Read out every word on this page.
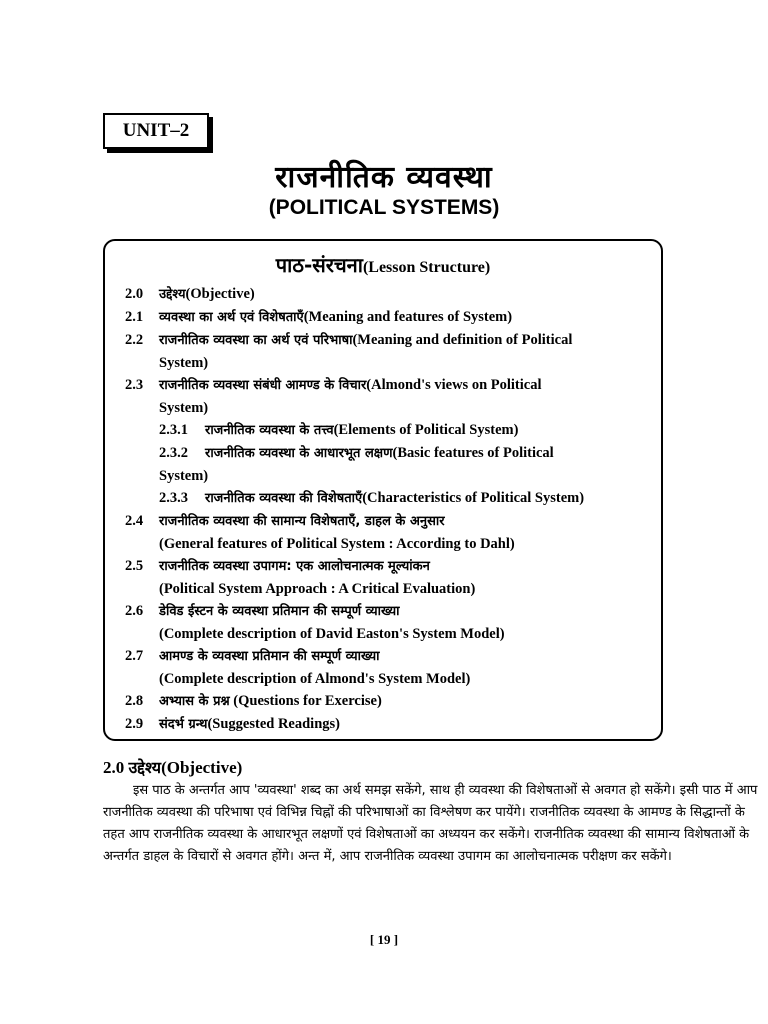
UNIT–2
राजनीतिक व्यवस्था
(POLITICAL SYSTEMS)
पाठ-संरचना(Lesson Structure)
2.0	उद्देश्य(Objective)
2.1	व्यवस्था का अर्थ एवं विशेषताएँ(Meaning and features of System)
2.2	राजनीतिक व्यवस्था का अर्थ एवं परिभाषा(Meaning and definition of Political
System)
2.3	राजनीतिक व्यवस्था संबंधी आमण्ड के विचार(Almond's views on Political
System)
2.3.1	राजनीतिक व्यवस्था के तत्त्व(Elements of Political System)
2.3.2	राजनीतिक व्यवस्था के आधारभूत लक्षण(Basic features of Political
System)
2.3.3	राजनीतिक व्यवस्था की विशेषताएँ(Characteristics of Political System)
2.4	राजनीतिक व्यवस्था की सामान्य विशेषताएँ, डाहल के अनुसार
(General features of Political System : According to Dahl)
2.5	राजनीतिक व्यवस्था उपागम: एक आलोचनात्मक मूल्यांकन
(Political System Approach : A Critical Evaluation)
2.6	डेविड ईस्टन के व्यवस्था प्रतिमान की सम्पूर्ण व्याख्या
(Complete description of David Easton's System Model)
2.7	आमण्ड के व्यवस्था प्रतिमान की सम्पूर्ण व्याख्या
(Complete description of Almond's System Model)
2.8	अभ्यास के प्रश्न (Questions for Exercise)
2.9	संदर्भ ग्रन्थ(Suggested Readings)
2.0 उद्देश्य(Objective)
इस पाठ के अन्तर्गत आप 'व्यवस्था' शब्द का अर्थ समझ सकेंगे, साथ ही व्यवस्था की विशेषताओं से अवगत हो सकेंगे। इसी पाठ में आप राजनीतिक व्यवस्था की परिभाषा एवं विभिन्न चिह्नों की परिभाषाओं का विश्लेषण कर पायेंगे। राजनीतिक व्यवस्था के आमण्ड के सिद्धान्तों के तहत आप राजनीतिक व्यवस्था के आधारभूत लक्षणों एवं विशेषताओं का अध्ययन कर सकेंगे। राजनीतिक व्यवस्था की सामान्य विशेषताओं के अन्तर्गत डाहल के विचारों से अवगत होंगे। अन्त में, आप राजनीतिक व्यवस्था उपागम का आलोचनात्मक परीक्षण कर सकेंगे।
[ 19 ]
